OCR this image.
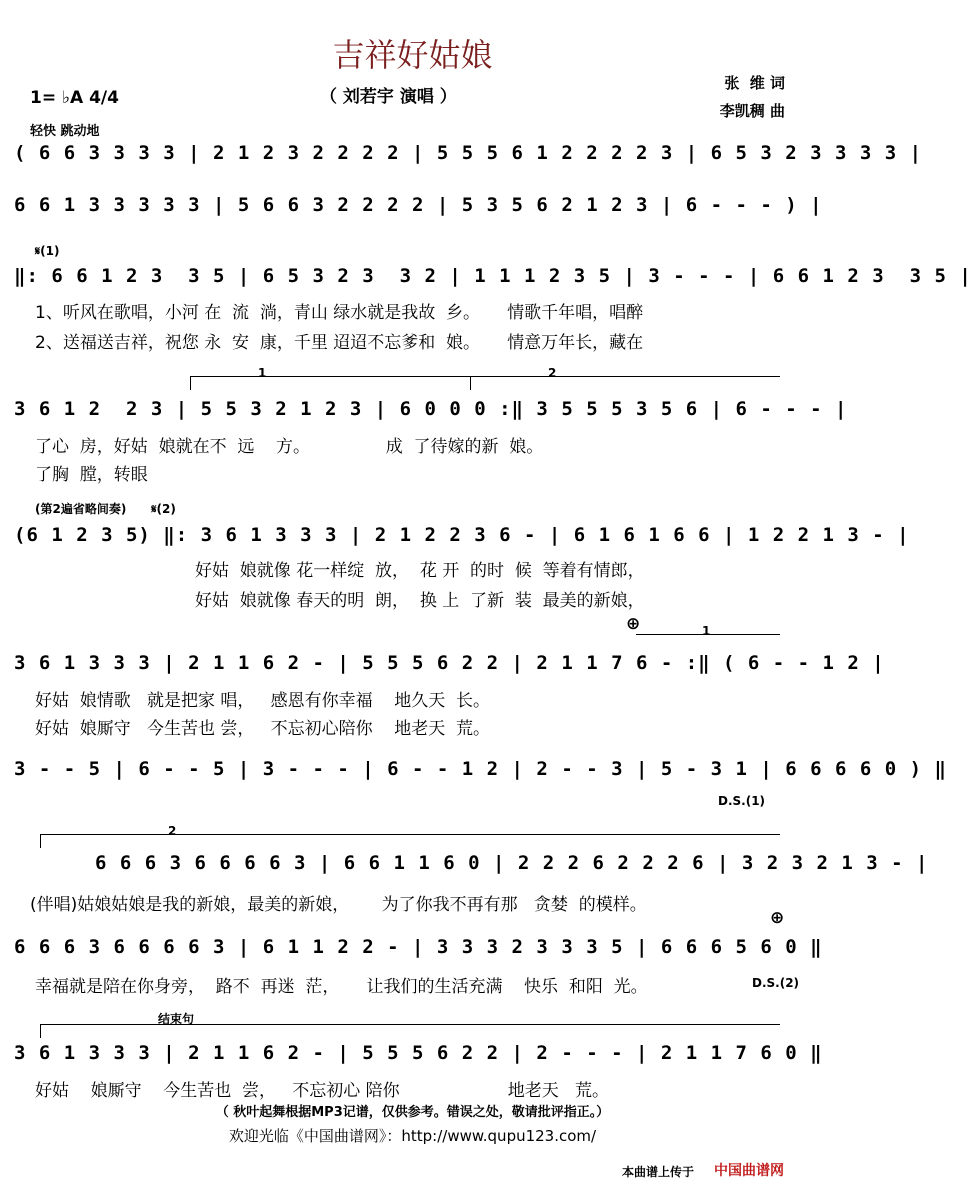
吉祥好姑娘
（ 刘若宇 演唱 ）
张  维 词
李凯稠 曲
1= ♭A 4/4
轻快 跳动地
( 6 6 3 3 3 3 | 2 1 2 3 2 2 2 2 | 5 5 5 6 1 2 2 2 2 3 | 6 5 3 2 3 3 3 3 |
6 6 1 3 3 3 3 3 | 5 6 6 3 2 2 2 2 | 5 3 5 6 2 1 2 3 | 6 - - - ) |
𝄋(1)
‖: 6 6 1 2 3  3 5 | 6 5 3 2 3  3 2 | 1 1 1 2 3 5 | 3 - - - | 6 6 1 2 3  3 5 |
1、听风在歌唱，小河 在  流  淌，青山 绿水就是我故  乡。     情歌千年唱，唱醉
2、送福送吉祥，祝您 永  安  康，千里 迢迢不忘爹和  娘。     情意万年长，藏在
1	2
3 6 1 2  2 3 | 5 5 3 2 1 2 3 | 6 0 0 0 :‖ 3 5 5 5 3 5 6 | 6 - - - |
了心  房，好姑  娘就在不  远    方。              成  了待嫁的新  娘。
了胸  膛，转眼
(第2遍省略间奏)      𝄋(2)
(6 1 2 3 5) ‖: 3 6 1 3 3 3 | 2 1 2 2 3 6 - | 6 1 6 1 6 6 | 1 2 2 1 3 - |
好姑  娘就像 花一样绽  放，  花 开  的时  候  等着有情郎，
好姑  娘就像 春天的明  朗，  换 上  了新  装  最美的新娘，
⊕	1
3 6 1 3 3 3 | 2 1 1 6 2 - | 5 5 5 6 2 2 | 2 1 1 7 6 - :‖ ( 6 - - 1 2 |
好姑  娘情歌   就是把家 唱，   感恩有你幸福    地久天  长。
好姑  娘厮守   今生苦也 尝，   不忘初心陪你    地老天  荒。
3 - - 5 | 6 - - 5 | 3 - - - | 6 - - 1 2 | 2 - - 3 | 5 - 3 1 | 6 6 6 6 0 ) ‖
D.S.(1)
2
6 6 6 3 6 6 6 6 3 | 6 6 1 1 6 0 | 2 2 2 6 2 2 2 6 | 3 2 3 2 1 3 - |
(伴唱)姑娘姑娘是我的新娘，最美的新娘，      为了你我不再有那   贪婪  的模样。
⊕
6 6 6 3 6 6 6 6 3 | 6 1 1 2 2 - | 3 3 3 2 3 3 3 5 | 6 6 6 5 6 0 ‖
幸福就是陪在你身旁，  路不  再迷  茫，     让我们的生活充满    快乐  和阳  光。	D.S.(2)
结束句
3 6 1 3 3 3 | 2 1 1 6 2 - | 5 5 5 6 2 2 | 2 - - - | 2 1 1 7 6 0 ‖
好姑    娘厮守    今生苦也  尝，   不忘初心 陪你                    地老天   荒。
（ 秋叶起舞根据MP3记谱，仅供参考。错误之处，敬请批评指正。）
欢迎光临《中国曲谱网》：http://www.qupu123.com/
本曲谱上传于 中国曲谱网
